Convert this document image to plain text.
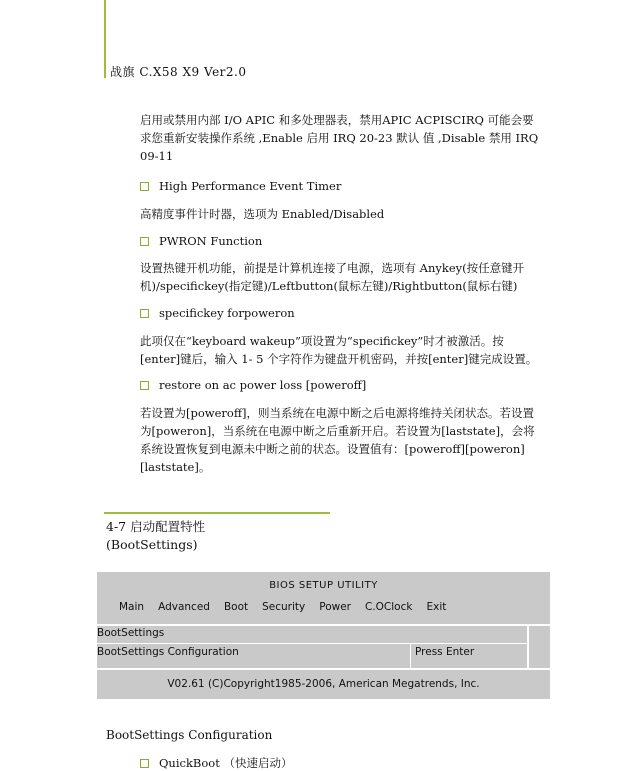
战旗 C.X58 X9 Ver2.0
启用或禁用内部 I/O APIC 和多处理器表，禁用APIC ACPISCIRQ 可能会要求您重新安装操作系统 ,Enable 启用 IRQ 20-23 默认 值 ,Disable 禁用 IRQ 09-11
High Performance Event Timer
高精度事件计时器，选项为 Enabled/Disabled
PWRON Function
设置热键开机功能，前提是计算机连接了电源，选项有 Anykey(按任意键开机)/specifickey(指定键)/Leftbutton(鼠标左键)/Rightbutton(鼠标右键)
specifickey forpoweron
此项仅在“keyboard wakeup”项设置为“specifickey”时才被激活。按[enter]键后，输入 1- 5 个字符作为键盘开机密码，并按[enter]键完成设置。
restore on ac power loss [poweroff]
若设置为[poweroff]，则当系统在电源中断之后电源将维持关闭状态。若设置为[poweron]，当系统在电源中断之后重新开启。若设置为[laststate]，会将系统设置恢复到电源未中断之前的状态。设置值有：[poweroff][poweron][laststate]。
4-7 启动配置特性
(BootSettings)
BIOS SETUP UTILITY
Main Advanced Boot Security Power C.OClock Exit
BootSettings
BootSettings Configuration	Press Enter
V02.61 (C)Copyright1985-2006, American Megatrends, Inc.
BootSettings Configuration
QuickBoot （快速启动）
